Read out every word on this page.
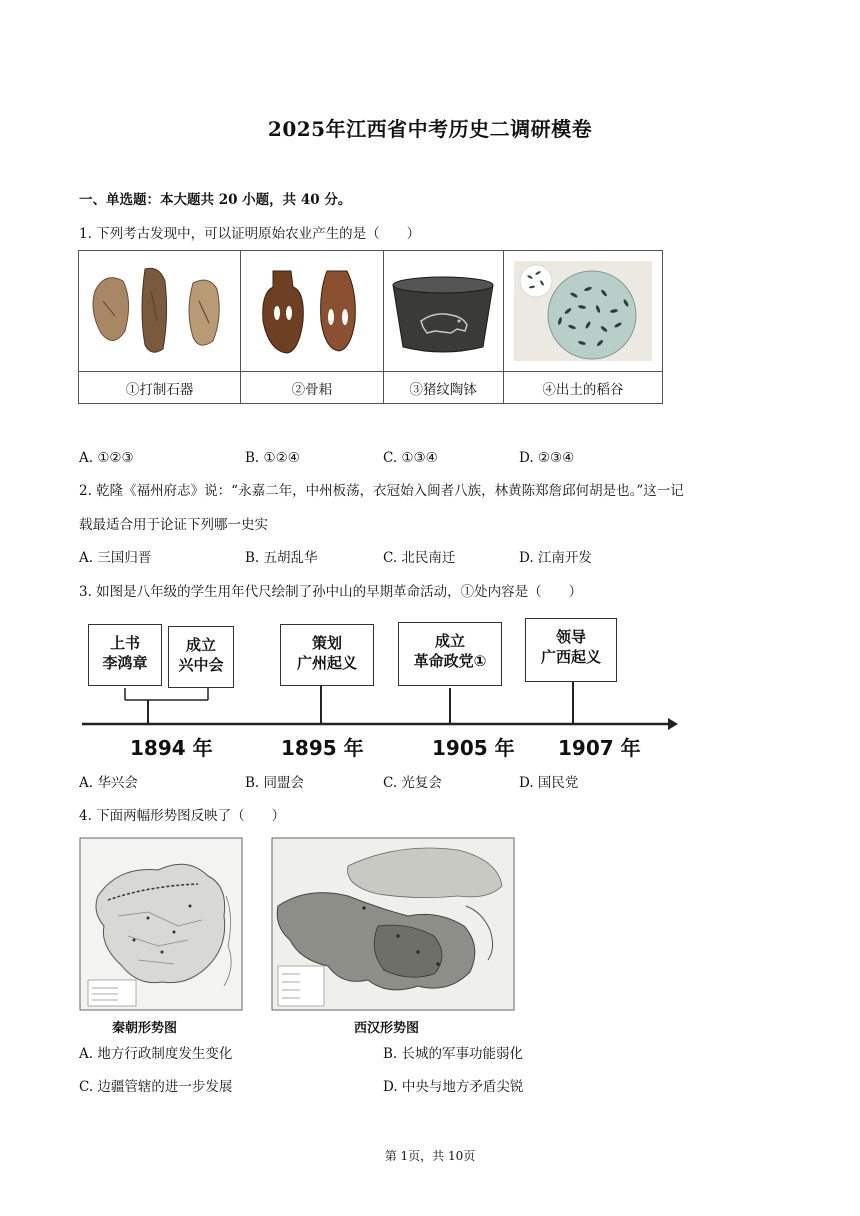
2025年江西省中考历史二调研模卷
一、单选题：本大题共 20 小题，共 40 分。
1. 下列考古发现中，可以证明原始农业产生的是（　　）

①打制石器	②骨耜	③猪纹陶钵	④出土的稻谷
A. ①②③	B. ①②④	C. ①③④	D. ②③④
2. 乾隆《福州府志》说：“永嘉二年，中州板荡，衣冠始入闽者八族，林黄陈郑詹邱何胡是也。”这一记
载最适合用于论证下列哪一史实
A. 三国归晋	B. 五胡乱华	C. 北民南迁	D. 江南开发
3. 如图是八年级的学生用年代尺绘制了孙中山的早期革命活动，①处内容是（　　）
上书
李鸿章
成立
兴中会
策划
广州起义
成立
革命政党①
领导
广西起义
1894 年	1895 年	1905 年 1907 年
A. 华兴会	B. 同盟会	C. 光复会	D. 国民党
4. 下面两幅形势图反映了（　　）
秦朝形势图	西汉形势图
A. 地方行政制度发生变化	B. 长城的军事功能弱化
C. 边疆管辖的进一步发展	D. 中央与地方矛盾尖锐
第 1页，共 10页
